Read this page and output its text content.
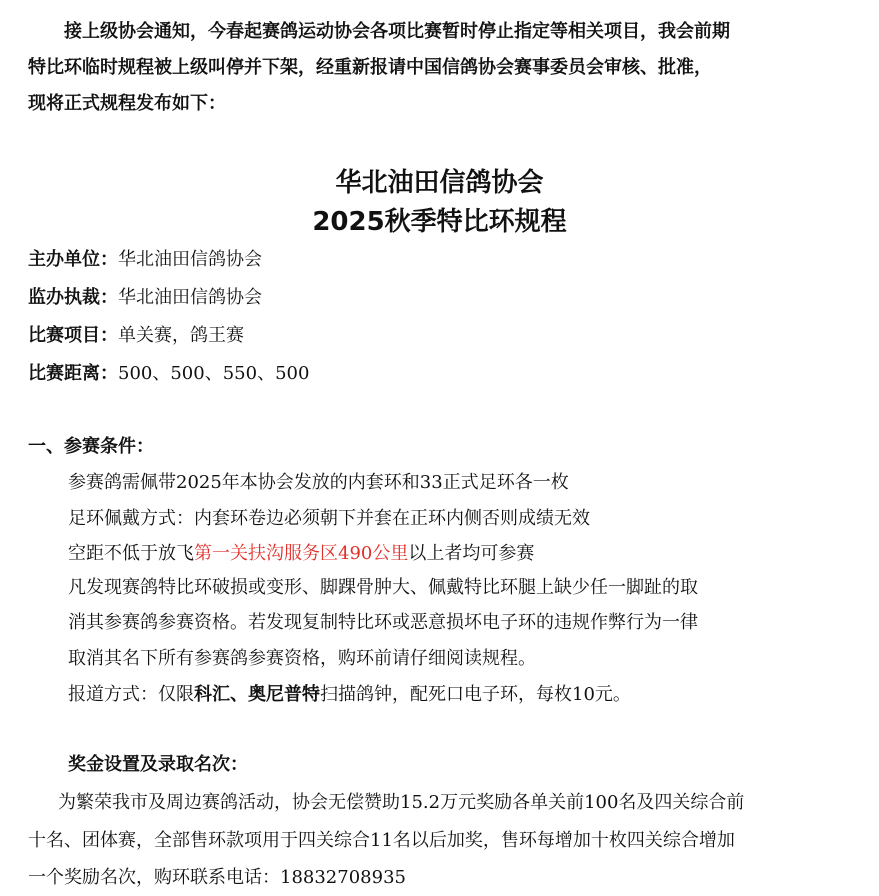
接上级协会通知，今春起赛鸽运动协会各项比赛暂时停止指定等相关项目，我会前期
特比环临时规程被上级叫停并下架，经重新报请中国信鸽协会赛事委员会审核、批准，
现将正式规程发布如下：
华北油田信鸽协会
2025秋季特比环规程
主办单位：华北油田信鸽协会
监办执裁：华北油田信鸽协会
比赛项目：单关赛，鸽王赛
比赛距离：500、500、550、500
一、参赛条件：
参赛鸽需佩带2025年本协会发放的内套环和33正式足环各一枚
足环佩戴方式：内套环卷边必须朝下并套在正环内侧否则成绩无效
空距不低于放飞第一关扶沟服务区490公里以上者均可参赛
凡发现赛鸽特比环破损或变形、脚踝骨肿大、佩戴特比环腿上缺少任一脚趾的取
消其参赛鸽参赛资格。若发现复制特比环或恶意损坏电子环的违规作弊行为一律
取消其名下所有参赛鸽参赛资格，购环前请仔细阅读规程。
报道方式：仅限科汇、奥尼普特扫描鸽钟，配死口电子环，每枚10元。
奖金设置及录取名次：
为繁荣我市及周边赛鸽活动，协会无偿赞助15.2万元奖励各单关前100名及四关综合前
十名、团体赛，全部售环款项用于四关综合11名以后加奖，售环每增加十枚四关综合增加
一个奖励名次，购环联系电话：18832708935
